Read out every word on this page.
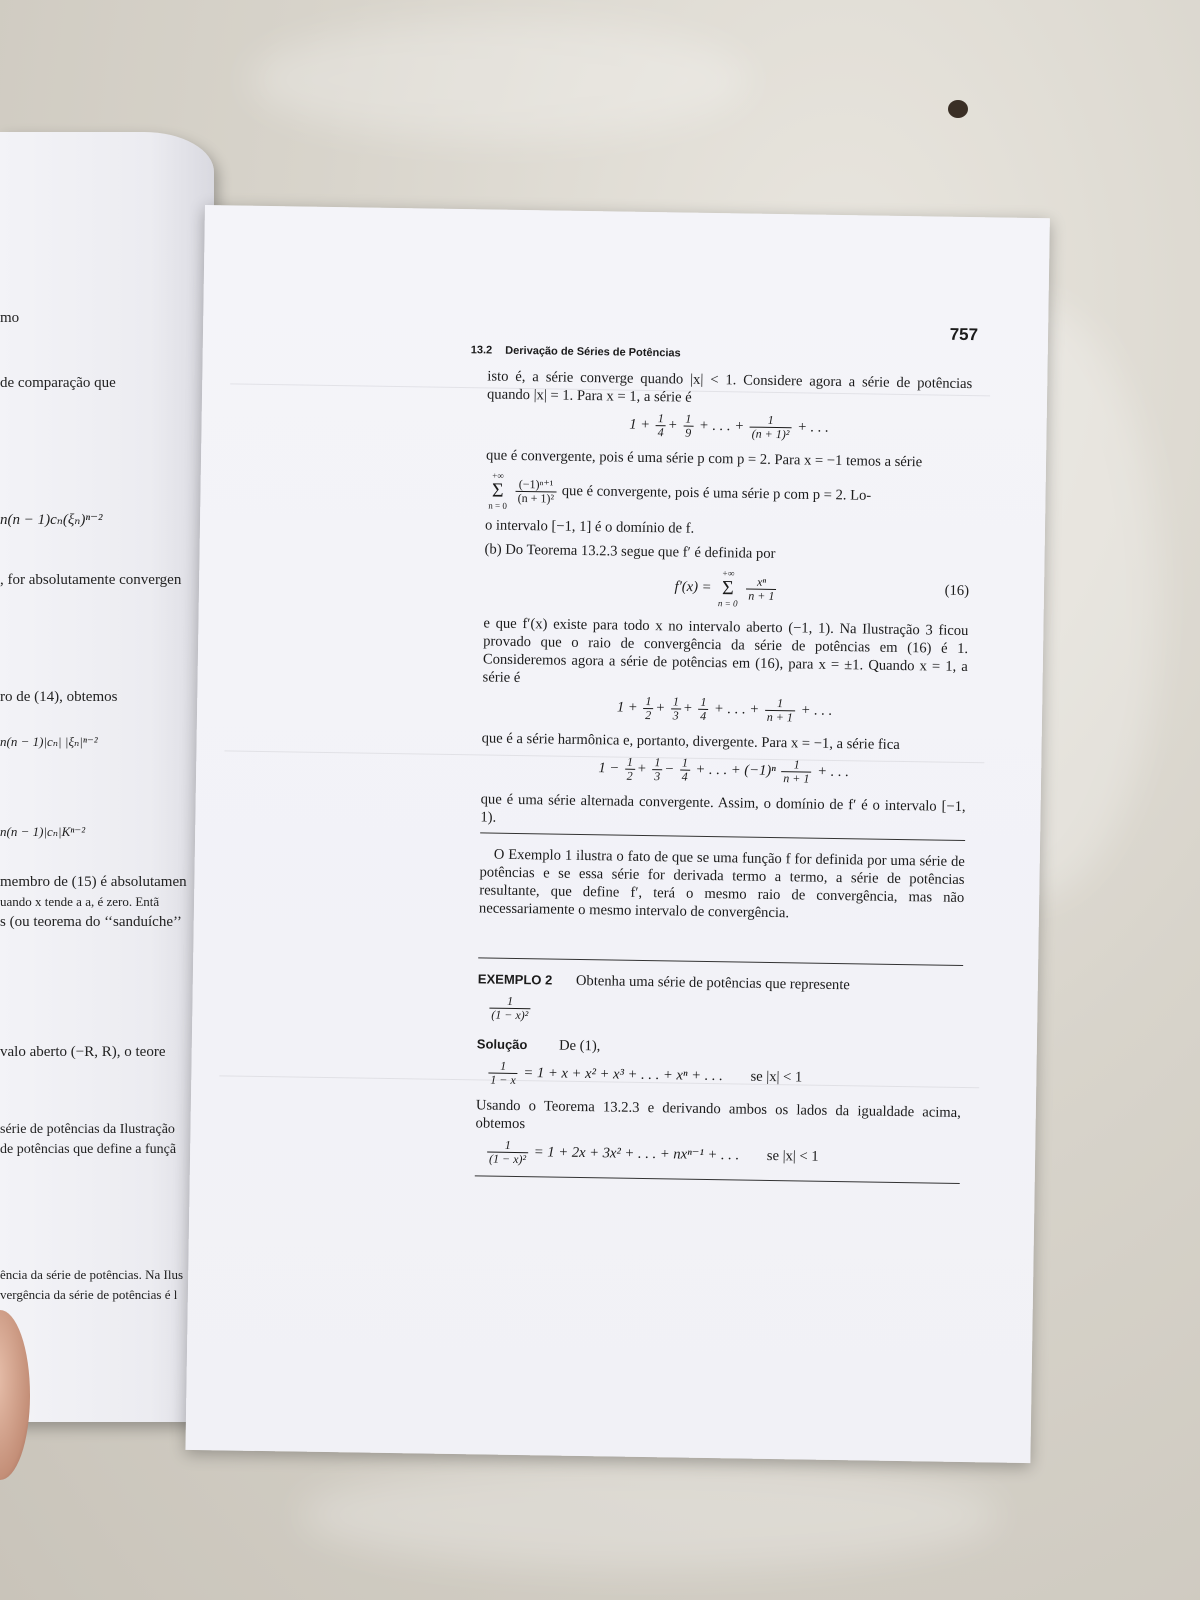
mo
de comparação que
n(n − 1)cₙ(ξₙ)ⁿ⁻²
, for absolutamente convergen
ro de (14), obtemos
n(n − 1)|cₙ| |ξₙ|ⁿ⁻²
n(n − 1)|cₙ|Kⁿ⁻²
membro de (15) é absolutamen
uando x tende a a, é zero. Entã
s (ou teorema do ‘‘sanduíche’’
valo aberto (−R, R), o teore
série de potências da Ilustração
de potências que define a funçã
ência da série de potências. Na Ilus
vergência da série de potências é l
757
13.2 Derivação de Séries de Potências

isto é, a série converge quando |x| < 1. Considere agora a série de potências quando |x| = 1. Para x = 1, a série é

$1 + \frac{1}{4} + \frac{1}{9}$ + . . . + $\frac{1}{\text{(n + 1)²}}$ + . . .

que é convergente, pois é uma série p com p = 2. Para x = −1 temos a série

+∞
Σ
n = 0
$\frac{\text{(−1)ⁿ⁺¹}}{\text{(n + 1)²}}$ que é convergente, pois é uma série p com p = 2. Lo-

o intervalo [−1, 1] é o domínio de f.

(b) Do Teorema 13.2.3 segue que f′ é definida por

f′(x) = +∞
Σ
n = 0
$\frac{\text{xⁿ}}{n + 1}$	(16)

e que f′(x) existe para todo x no intervalo aberto (−1, 1). Na Ilustração 3 ficou provado que o raio de convergência da série de potências em (16) é 1. Consideremos agora a série de potências em (16), para x = ±1. Quando x = 1, a série é

$1 + \frac{1}{2} + \frac{1}{3} + \frac{1}{4}$ + . . . + $\frac{1}{n + 1}$ + . . .

que é a série harmônica e, portanto, divergente. Para x = −1, a série fica

$1 - \frac{1}{2} + \frac{1}{3} - \frac{1}{4}$ + . . . + $(-1)^n \frac{1}{n + 1}$ + . . .

que é uma série alternada convergente. Assim, o domínio de f′ é o intervalo [−1, 1).

O Exemplo 1 ilustra o fato de que se uma função f for definida por uma série de potências e se essa série for derivada termo a termo, a série de potências resultante, que define f′, terá o mesmo raio de convergência, mas não necessariamente o mesmo intervalo de convergência.

EXEMPLO 2 Obtenha uma série de potências que represente

$\frac{1}{\text{(1 − x)²}}$

Solução De (1),

$\frac{1}{1 - x} = 1 + x + x^2 + x^3$ + . . . + xⁿ + . . . se |x| < 1

Usando o Teorema 13.2.3 e derivando ambos os lados da igualdade acima, obtemos

$\frac{1}{\text{(1 − x)²}} = 1 + 2x + 3x^2$ + . . . + nxⁿ⁻¹ + . . . se |x| < 1
